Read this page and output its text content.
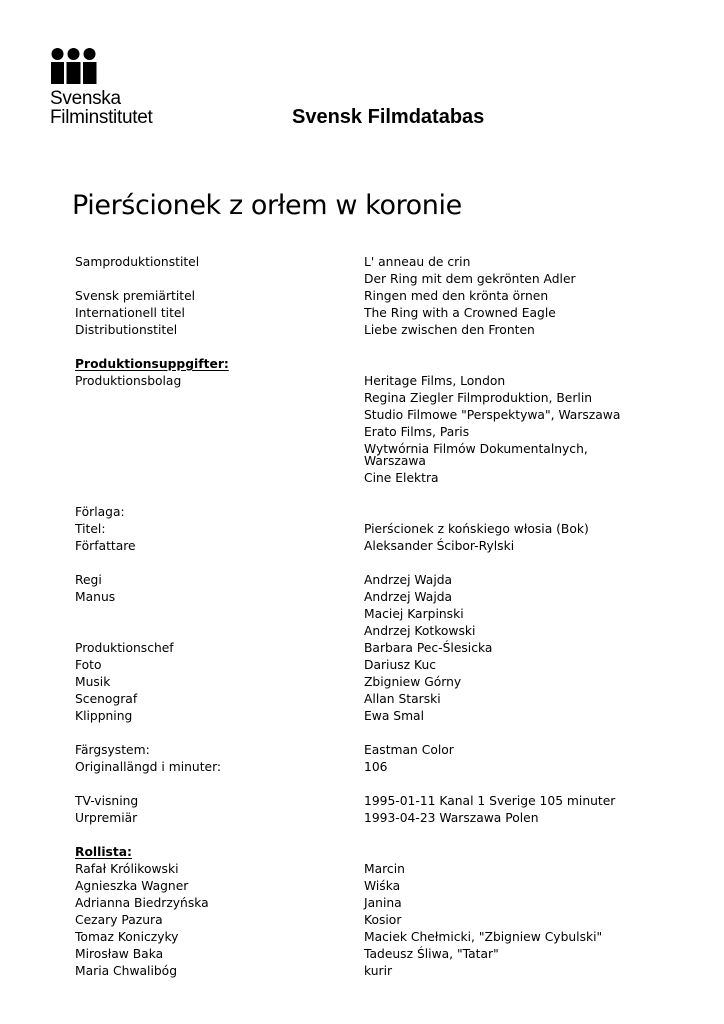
Svenska
Filminstitutet	Svensk Filmdatabas
Pierścionek z orłem w koronie
Samproduktionstitel	L' anneau de crin
Der Ring mit dem gekrönten Adler
Svensk premiärtitel	Ringen med den krönta örnen
Internationell titel	The Ring with a Crowned Eagle
Distributionstitel	Liebe zwischen den Fronten
Produktionsuppgifter:
Produktionsbolag	Heritage Films, London
Regina Ziegler Filmproduktion, Berlin
Studio Filmowe "Perspektywa", Warszawa
Erato Films, Paris
Wytwórnia Filmów Dokumentalnych, Warszawa
Cine Elektra
Förlaga:
Titel:	Pierścionek z końskiego włosia (Bok)
Författare	Aleksander Ścibor-Rylski
Regi	Andrzej Wajda
Manus	Andrzej Wajda
Maciej Karpinski
Andrzej Kotkowski
Produktionschef	Barbara Pec-Ślesicka
Foto	Dariusz Kuc
Musik	Zbigniew Górny
Scenograf	Allan Starski
Klippning	Ewa Smal
Färgsystem:	Eastman Color
Originallängd i minuter:	106
TV-visning	1995-01-11 Kanal 1 Sverige 105 minuter
Urpremiär	1993-04-23 Warszawa Polen
Rollista:
Rafał Królikowski	Marcin
Agnieszka Wagner	Wiśka
Adrianna Biedrzyńska	Janina
Cezary Pazura	Kosior
Tomaz Koniczyky	Maciek Chełmicki, "Zbigniew Cybulski"
Mirosław Baka	Tadeusz Śliwa, "Tatar"
Maria Chwalibóg	kurir
